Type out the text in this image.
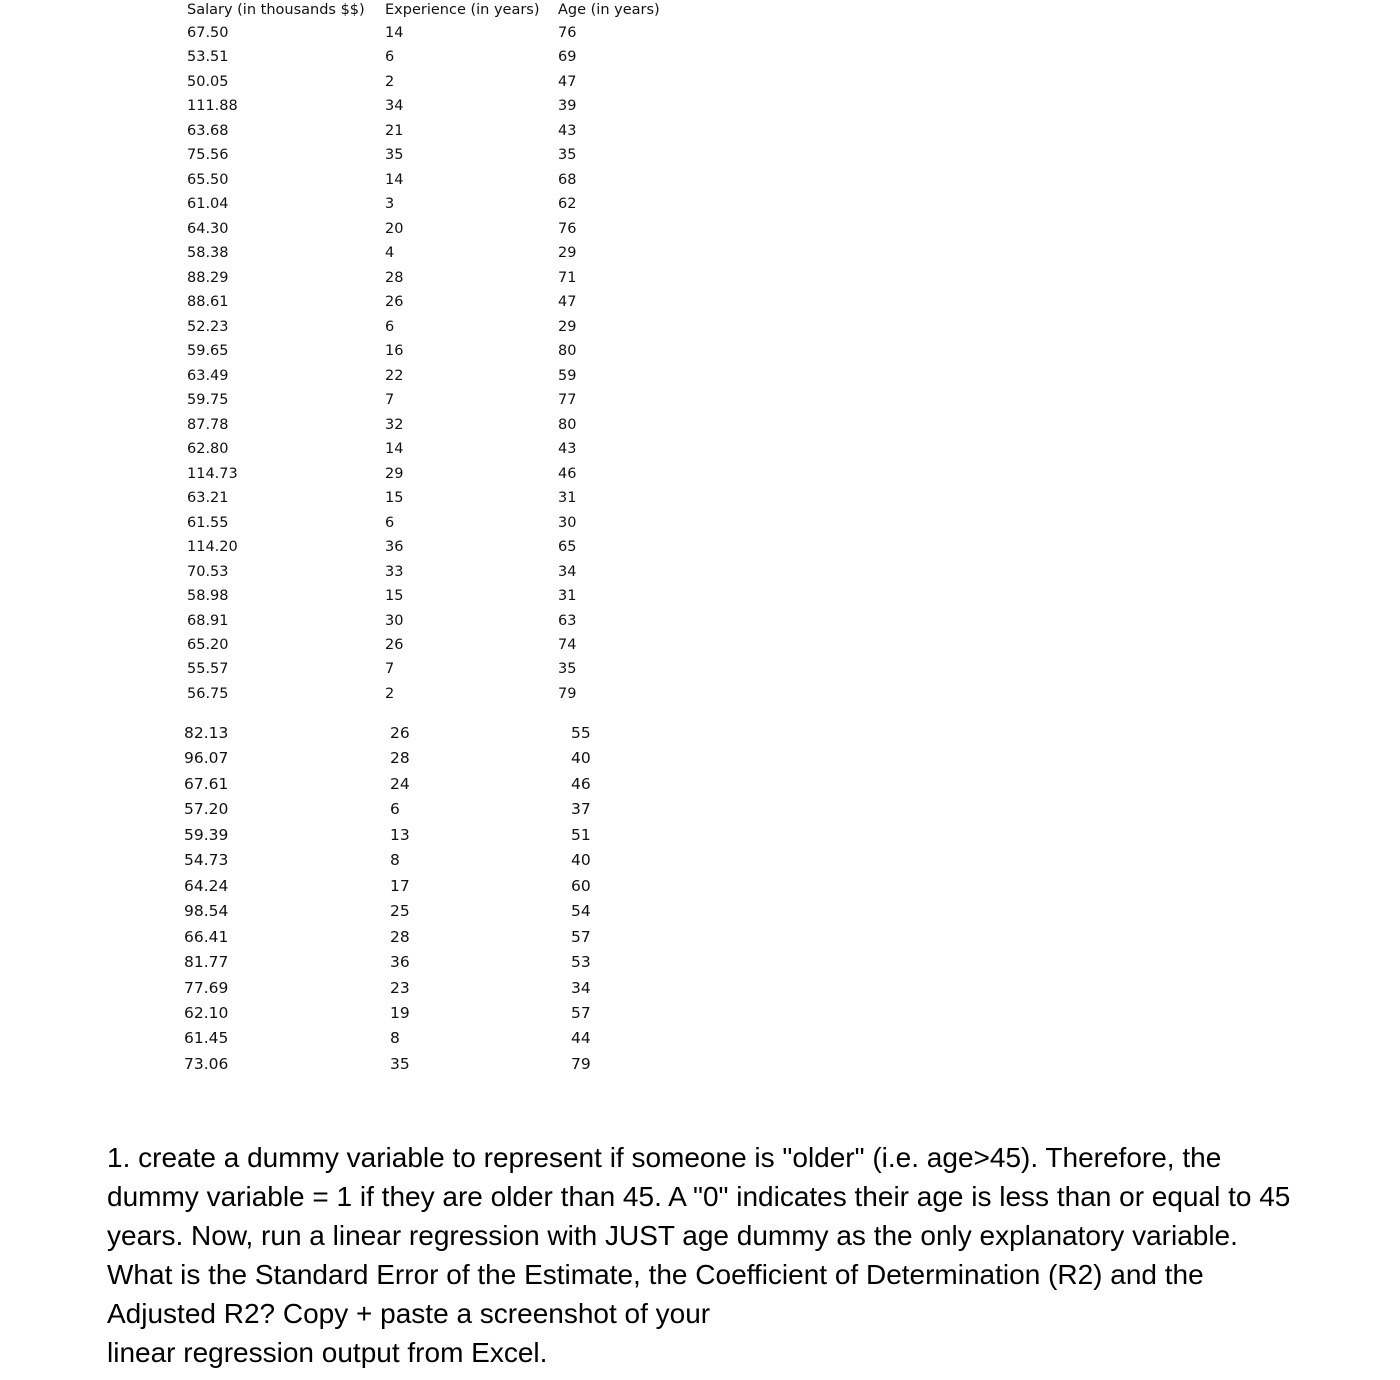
Salary (in thousands $$) Experience (in years) Age (in years)
67.50	14	76
53.51	6	69
50.05	2	47
111.88	34	39
63.68	21	43
75.56	35	35
65.50	14	68
61.04	3	62
64.30	20	76
58.38	4	29
88.29	28	71
88.61	26	47
52.23	6	29
59.65	16	80
63.49	22	59
59.75	7	77
87.78	32	80
62.80	14	43
114.73	29	46
63.21	15	31
61.55	6	30
114.20	36	65
70.53	33	34
58.98	15	31
68.91	30	63
65.20	26	74
55.57	7	35
56.75	2	79
82.13	26	55
96.07	28	40
67.61	24	46
57.20	6	37
59.39	13	51
54.73	8	40
64.24	17	60
98.54	25	54
66.41	28	57
81.77	36	53
77.69	23	34
62.10	19	57
61.45	8	44
73.06	35	79

1. create a dummy variable to represent if someone is "older" (i.e. age>45). Therefore, the

dummy variable = 1 if they are older than 45. A "0" indicates their age is less than or equal to 45

years. Now, run a linear regression with JUST age dummy as the only explanatory variable.

What is the Standard Error of the Estimate, the Coefficient of Determination (R2) and the

Adjusted R2? Copy + paste a screenshot of your

linear regression output from Excel.
